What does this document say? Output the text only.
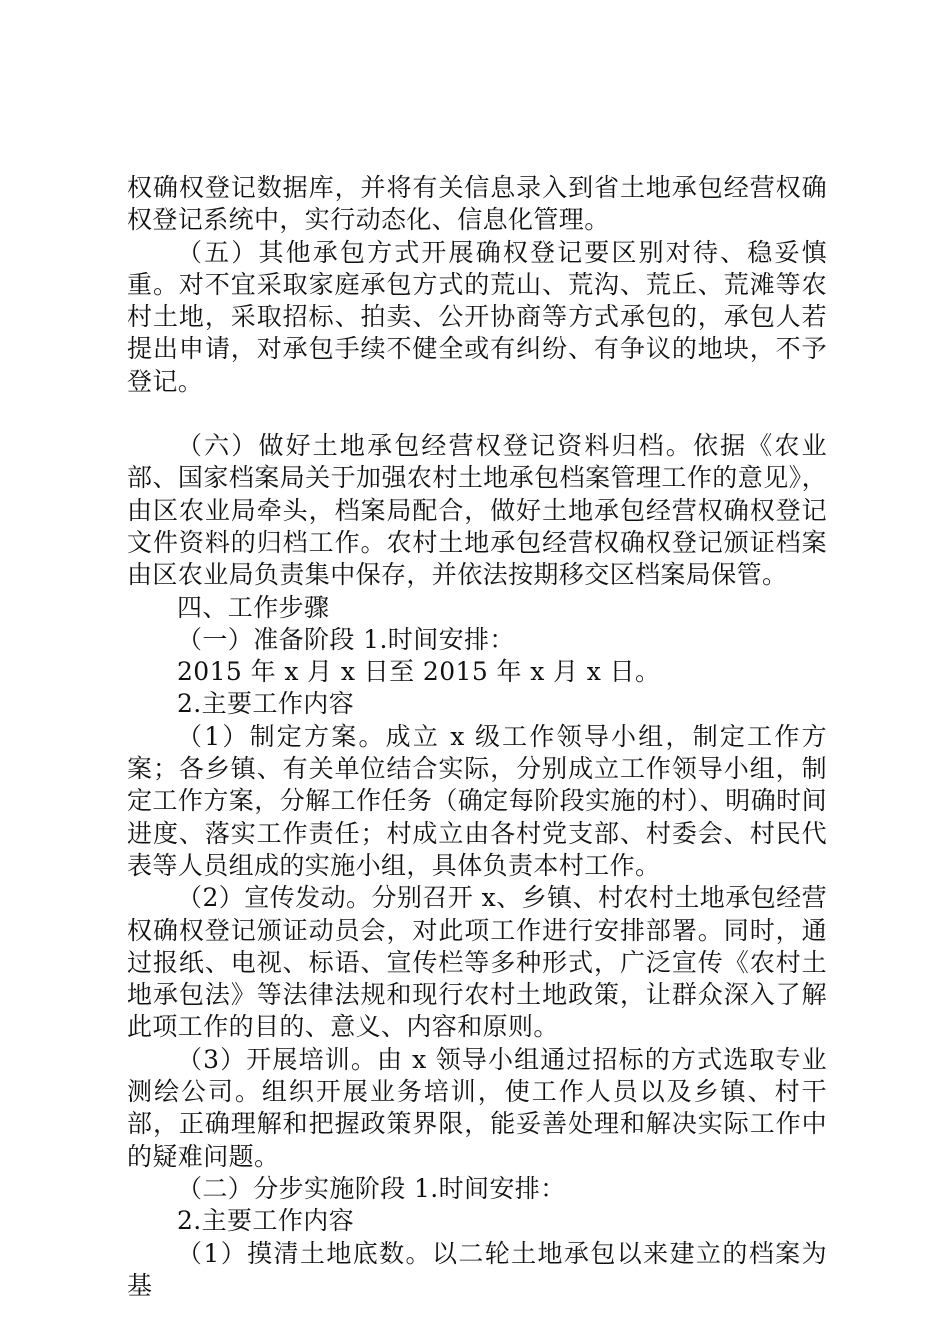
权确权登记数据库，并将有关信息录入到省土地承包经营权确权登记系统中，实行动态化、信息化管理。

（五）其他承包方式开展确权登记要区别对待、稳妥慎重。对不宜采取家庭承包方式的荒山、荒沟、荒丘、荒滩等农村土地，采取招标、拍卖、公开协商等方式承包的，承包人若提出申请，对承包手续不健全或有纠纷、有争议的地块，不予登记。

（六）做好土地承包经营权登记资料归档。依据《农业部、国家档案局关于加强农村土地承包档案管理工作的意见》，由区农业局牵头，档案局配合，做好土地承包经营权确权登记文件资料的归档工作。农村土地承包经营权确权登记颁证档案由区农业局负责集中保存，并依法按期移交区档案局保管。

四、工作步骤

（一）准备阶段 1.时间安排：

2015 年 x 月 x 日至 2015 年 x 月 x 日。

2.主要工作内容

（1）制定方案。成立 x 级工作领导小组，制定工作方案；各乡镇、有关单位结合实际，分别成立工作领导小组，制定工作方案，分解工作任务（确定每阶段实施的村）、明确时间进度、落实工作责任；村成立由各村党支部、村委会、村民代表等人员组成的实施小组，具体负责本村工作。

（2）宣传发动。分别召开 x、乡镇、村农村土地承包经营权确权登记颁证动员会，对此项工作进行安排部署。同时，通过报纸、电视、标语、宣传栏等多种形式，广泛宣传《农村土地承包法》等法律法规和现行农村土地政策，让群众深入了解此项工作的目的、意义、内容和原则。

（3）开展培训。由 x 领导小组通过招标的方式选取专业测绘公司。组织开展业务培训，使工作人员以及乡镇、村干部，正确理解和把握政策界限，能妥善处理和解决实际工作中的疑难问题。

（二）分步实施阶段 1.时间安排：

2.主要工作内容

（1）摸清土地底数。以二轮土地承包以来建立的档案为基
